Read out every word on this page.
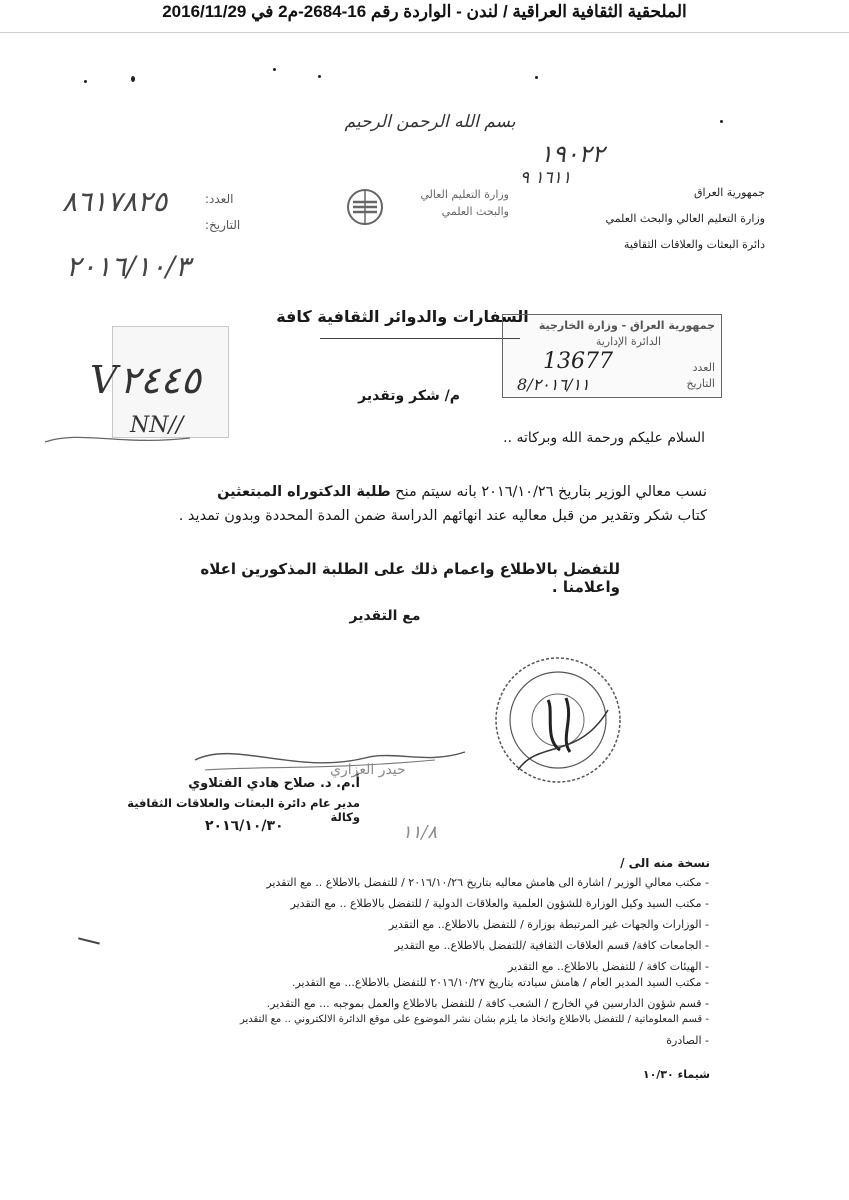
الملحقية الثقافية العراقية / لندن - الواردة رقم 16-2684-م2 في 2016/11/29
بسم الله الرحمن الرحيم
١٩٠٢٢
١٦١١ ٩
جمهورية العراق
وزارة التعليم العالي والبحث العلمي
دائرة البعثات والعلاقات الثقافية
وزارة التعليم العالي
والبحث العلمي
العدد:
التاريخ:
٨٦١٧٨٢٥
٢٠١٦/١٠/٣
السفارات والدوائر الثقافية كافة جمهورية العراق - وزارة الخارجية
الدائرة الإدارية
العدد
التاريخ
13677
٢٠١٦/١١/8
V٢٤٤٥
NN//
م/ شكر وتقدير
السلام عليكم ورحمة الله وبركاته ..
نسب معالي الوزير بتاريخ ٢٠١٦/١٠/٢٦ بانه سيتم منح طلبة الدكتوراه المبتعثين
كتاب شكر وتقدير من قبل معاليه عند انهائهم الدراسة ضمن المدة المحددة وبدون تمديد .
للتفضل بالاطلاع واعمام ذلك على الطلبة المذكورين اعلاه واعلامنا .
مع التقدير
حيدر العزاري
أ.م. د. صلاح هادي الفتلاوي
مدير عام دائرة البعثات والعلاقات الثقافية وكالة
٢٠١٦/١٠/٣٠	١١/٨
نسخة منه الى /
- مكتب معالي الوزير / اشارة الى هامش معاليه بتاريخ ٢٠١٦/١٠/٢٦ / للتفضل بالاطلاع .. مع التقدير
- مكتب السيد وكيل الوزارة للشؤون العلمية والعلاقات الدولية / للتفضل بالاطلاع .. مع التقدير
- الوزارات والجهات غير المرتبطة بوزارة / للتفضل بالاطلاع.. مع التقدير
- الجامعات كافة/ قسم العلاقات الثقافية /للتفضل بالاطلاع.. مع التقدير
- الهيئات كافة / للتفضل بالاطلاع.. مع التقدير
- مكتب السيد المدير العام / هامش سيادته بتاريخ ٢٠١٦/١٠/٢٧ للتفضل بالاطلاع... مع التقدير.
- قسم شؤون الدارسين في الخارج / الشعب كافة / للتفضل بالاطلاع والعمل بموجبه ... مع التقدير.
- قسم المعلوماتية / للتفضل بالاطلاع واتخاذ ما يلزم بشان نشر الموضوع على موقع الدائرة الالكتروني .. مع التقدير
- الصادرة
شيماء ١٠/٣٠
